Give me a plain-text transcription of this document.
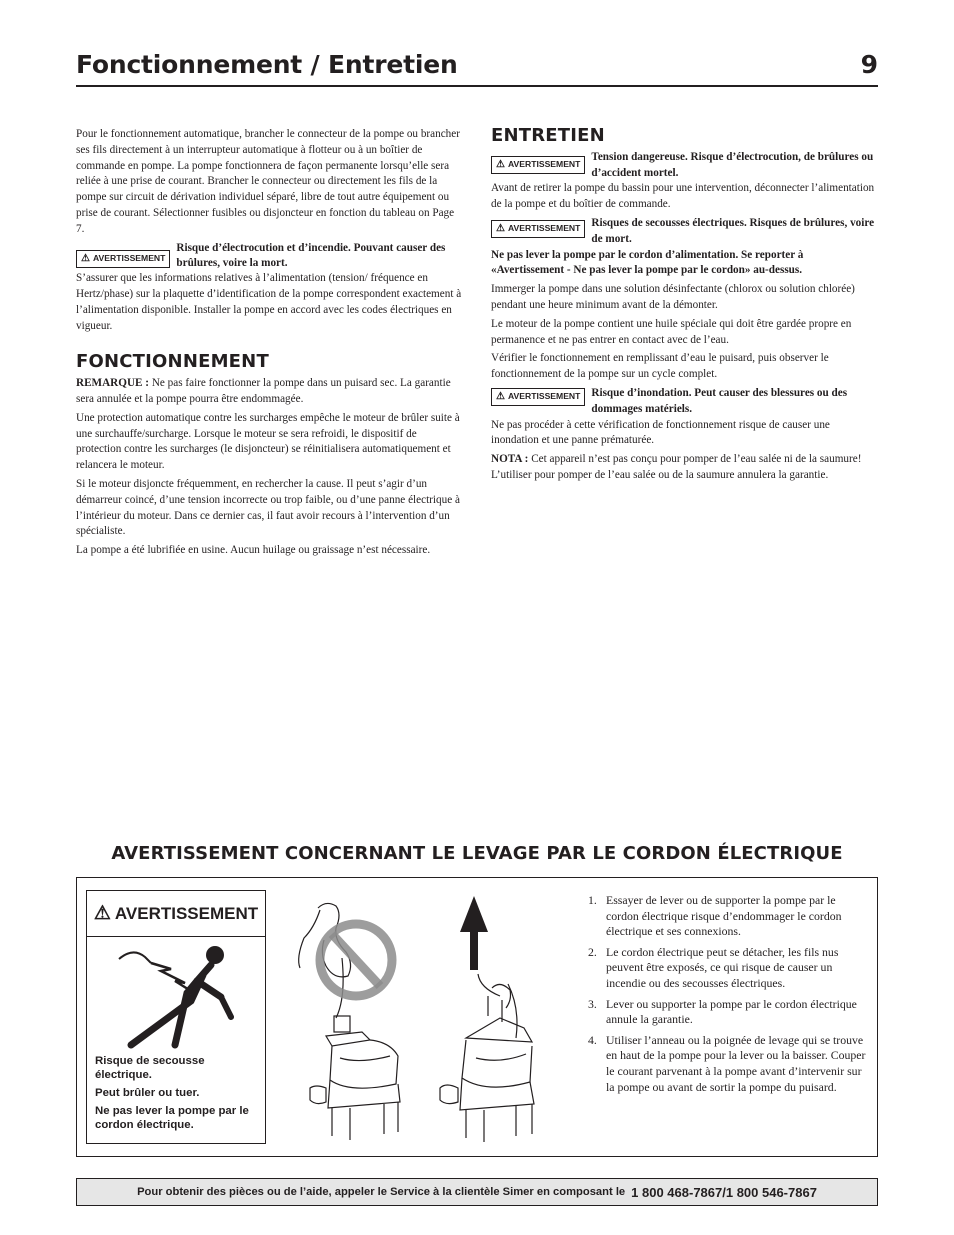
Fonctionnement / Entretien	9

Pour le fonctionnement automatique, brancher le connecteur de la pompe ou brancher ses fils directement à un interrupteur automatique à flotteur ou à un boîtier de commande en pompe. La pompe fonctionnera de façon permanente lorsqu’elle sera reliée à une prise de courant. Brancher le connecteur ou directement les fils de la pompe sur circuit de dérivation individuel séparé, libre de tout autre équipement ou prise de courant. Sélectionner fusibles ou disjoncteur en fonction du tableau on Page 7.

⚠ AVERTISSEMENT
Risque d’électrocution et d’incendie. Pouvant causer des brûlures, voire la mort.

S’assurer que les informations relatives à l’alimentation (tension/ fréquence en Hertz/phase) sur la plaquette d’identification de la pompe correspondent exactement à l’alimentation disponible. Installer la pompe en accord avec les codes électriques en vigueur.

FONCTIONNEMENT

REMARQUE : Ne pas faire fonctionner la pompe dans un puisard sec. La garantie sera annulée et la pompe pourra être endommagée.

Une protection automatique contre les surcharges empêche le moteur de brûler suite à une surchauffe/surcharge. Lorsque le moteur se sera refroidi, le dispositif de protection contre les surcharges (le disjoncteur) se réinitialisera automatiquement et relancera le moteur.

Si le moteur disjoncte fréquemment, en rechercher la cause. Il peut s’agir d’un démarreur coincé, d’une tension incorrecte ou trop faible, ou d’une panne électrique à l’intérieur du moteur. Dans ce dernier cas, il faut avoir recours à l’intervention d’un spécialiste.

La pompe a été lubrifiée en usine. Aucun huilage ou graissage n’est nécessaire.

ENTRETIEN
⚠ AVERTISSEMENT
Tension dangereuse. Risque d’électrocution, de brûlures ou d’accident mortel.

Avant de retirer la pompe du bassin pour une intervention, déconnecter l’alimentation de la pompe et du boîtier de commande.

⚠ AVERTISSEMENT Risques de secousses électriques. Risques de brûlures, voire de mort.

Ne pas lever la pompe par le cordon d’alimentation. Se reporter à «Avertissement - Ne pas lever la pompe par le cordon» au-dessus.

Immerger la pompe dans une solution désinfectante (chlorox ou solution chlorée) pendant une heure minimum avant de la démonter.

Le moteur de la pompe contient une huile spéciale qui doit être gardée propre en permanence et ne pas entrer en contact avec de l’eau.

Vérifier le fonctionnement en remplissant d’eau le puisard, puis observer le fonctionnement de la pompe sur un cycle complet.

⚠ AVERTISSEMENT Risque d’inondation. Peut causer des blessures ou des dommages matériels.

Ne pas procéder à cette vérification de fonctionnement risque de causer une inondation et une panne prématurée.

NOTA : Cet appareil n’est pas conçu pour pomper de l’eau salée ni de la saumure! L’utiliser pour pomper de l’eau salée ou de la saumure annulera la garantie.

AVERTISSEMENT CONCERNANT LE LEVAGE PAR LE CORDON ÉLECTRIQUE
⚠ AVERTISSEMENT

Risque de secousse électrique.

Peut brûler ou tuer.

Ne pas lever la pompe par le cordon électrique.

1. Essayer de lever ou de supporter la pompe par le cordon électrique risque d’endommager le cordon électrique et ses connexions.
2. Le cordon électrique peut se détacher, les fils nus peuvent être exposés, ce qui risque de causer un incendie ou des secousses électriques.
3. Lever ou supporter la pompe par le cordon électrique annule la garantie.
4. Utiliser l’anneau ou la poignée de levage qui se trouve en haut de la pompe pour la lever ou la baisser. Couper le courant parvenant à la pompe avant d’intervenir sur la pompe ou avant de sortir la pompe du puisard.
Pour obtenir des pièces ou de l’aide, appeler le Service à la clientèle Simer en composant le 1 800 468-7867/1 800 546-7867
